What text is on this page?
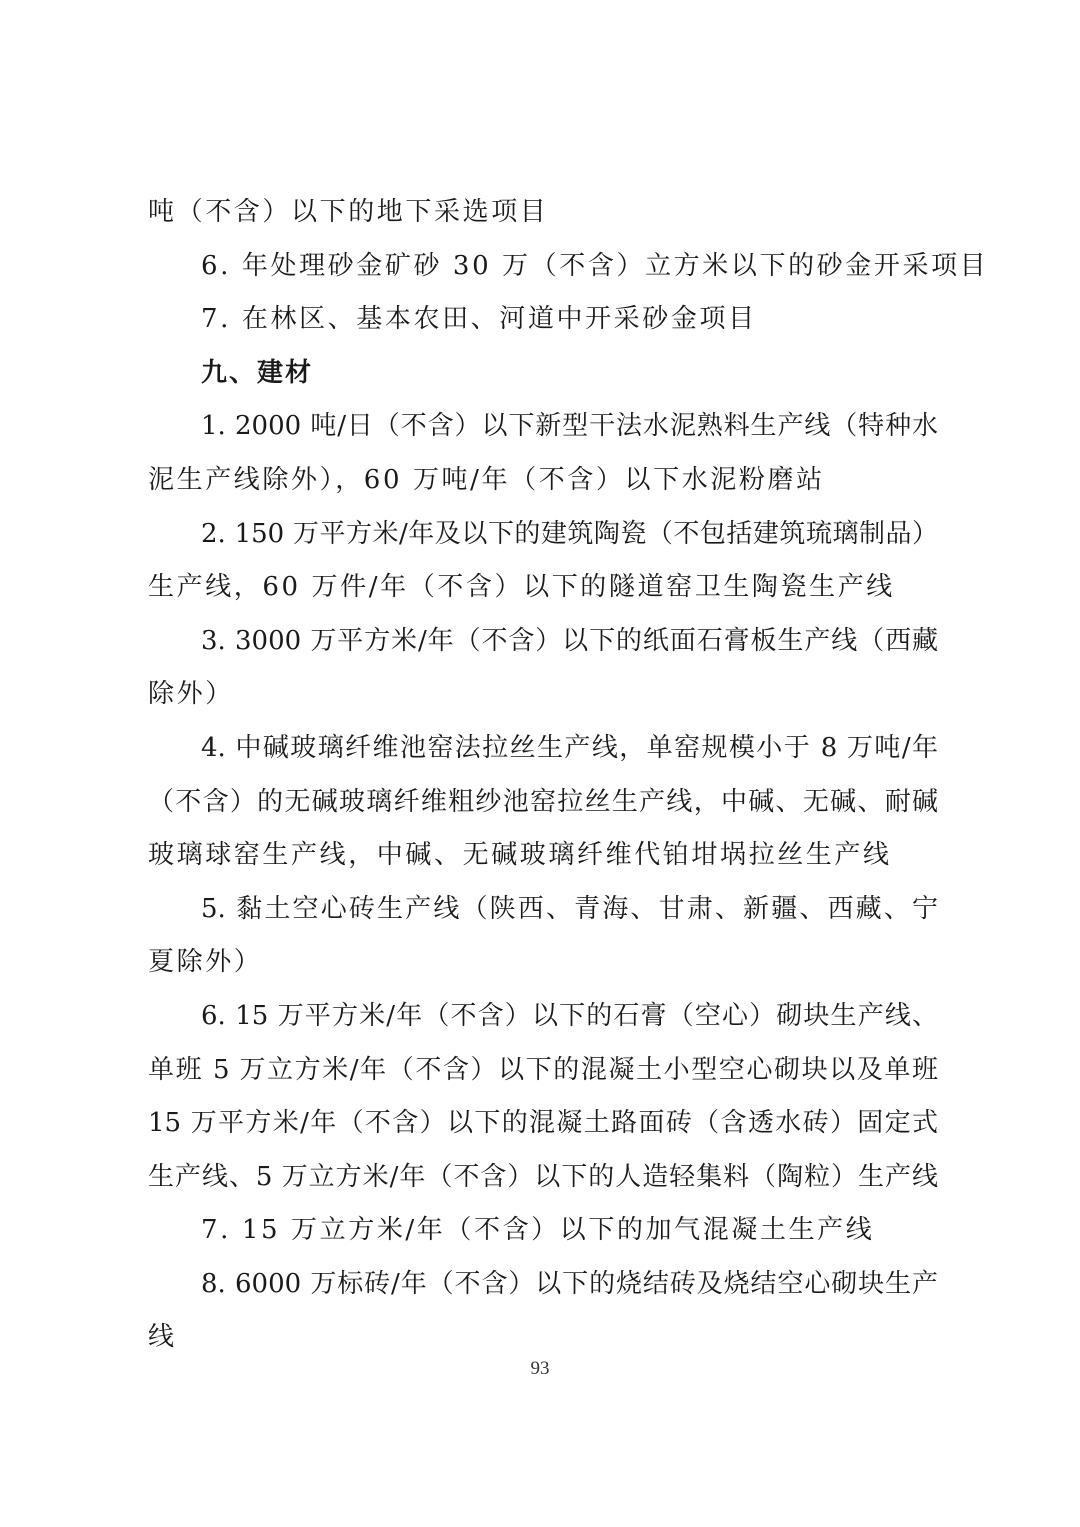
吨（不含）以下的地下采选项目
6. 年处理砂金矿砂 30 万（不含）立方米以下的砂金开采项目
7. 在林区、基本农田、河道中开采砂金项目
九、建材
1. 2000 吨/日（不含）以下新型干法水泥熟料生产线（特种水
泥生产线除外），60 万吨/年（不含）以下水泥粉磨站
2. 150 万平方米/年及以下的建筑陶瓷（不包括建筑琉璃制品）
生产线，60 万件/年（不含）以下的隧道窑卫生陶瓷生产线
3. 3000 万平方米/年（不含）以下的纸面石膏板生产线（西藏
除外）
4. 中碱玻璃纤维池窑法拉丝生产线，单窑规模小于 8 万吨/年
（不含）的无碱玻璃纤维粗纱池窑拉丝生产线，中碱、无碱、耐碱
玻璃球窑生产线，中碱、无碱玻璃纤维代铂坩埚拉丝生产线
5. 黏土空心砖生产线（陕西、青海、甘肃、新疆、西藏、宁
夏除外）
6. 15 万平方米/年（不含）以下的石膏（空心）砌块生产线、
单班 5 万立方米/年（不含）以下的混凝土小型空心砌块以及单班
15 万平方米/年（不含）以下的混凝土路面砖（含透水砖）固定式
生产线、5 万立方米/年（不含）以下的人造轻集料（陶粒）生产线
7. 15 万立方米/年（不含）以下的加气混凝土生产线
8. 6000 万标砖/年（不含）以下的烧结砖及烧结空心砌块生产
线
93
